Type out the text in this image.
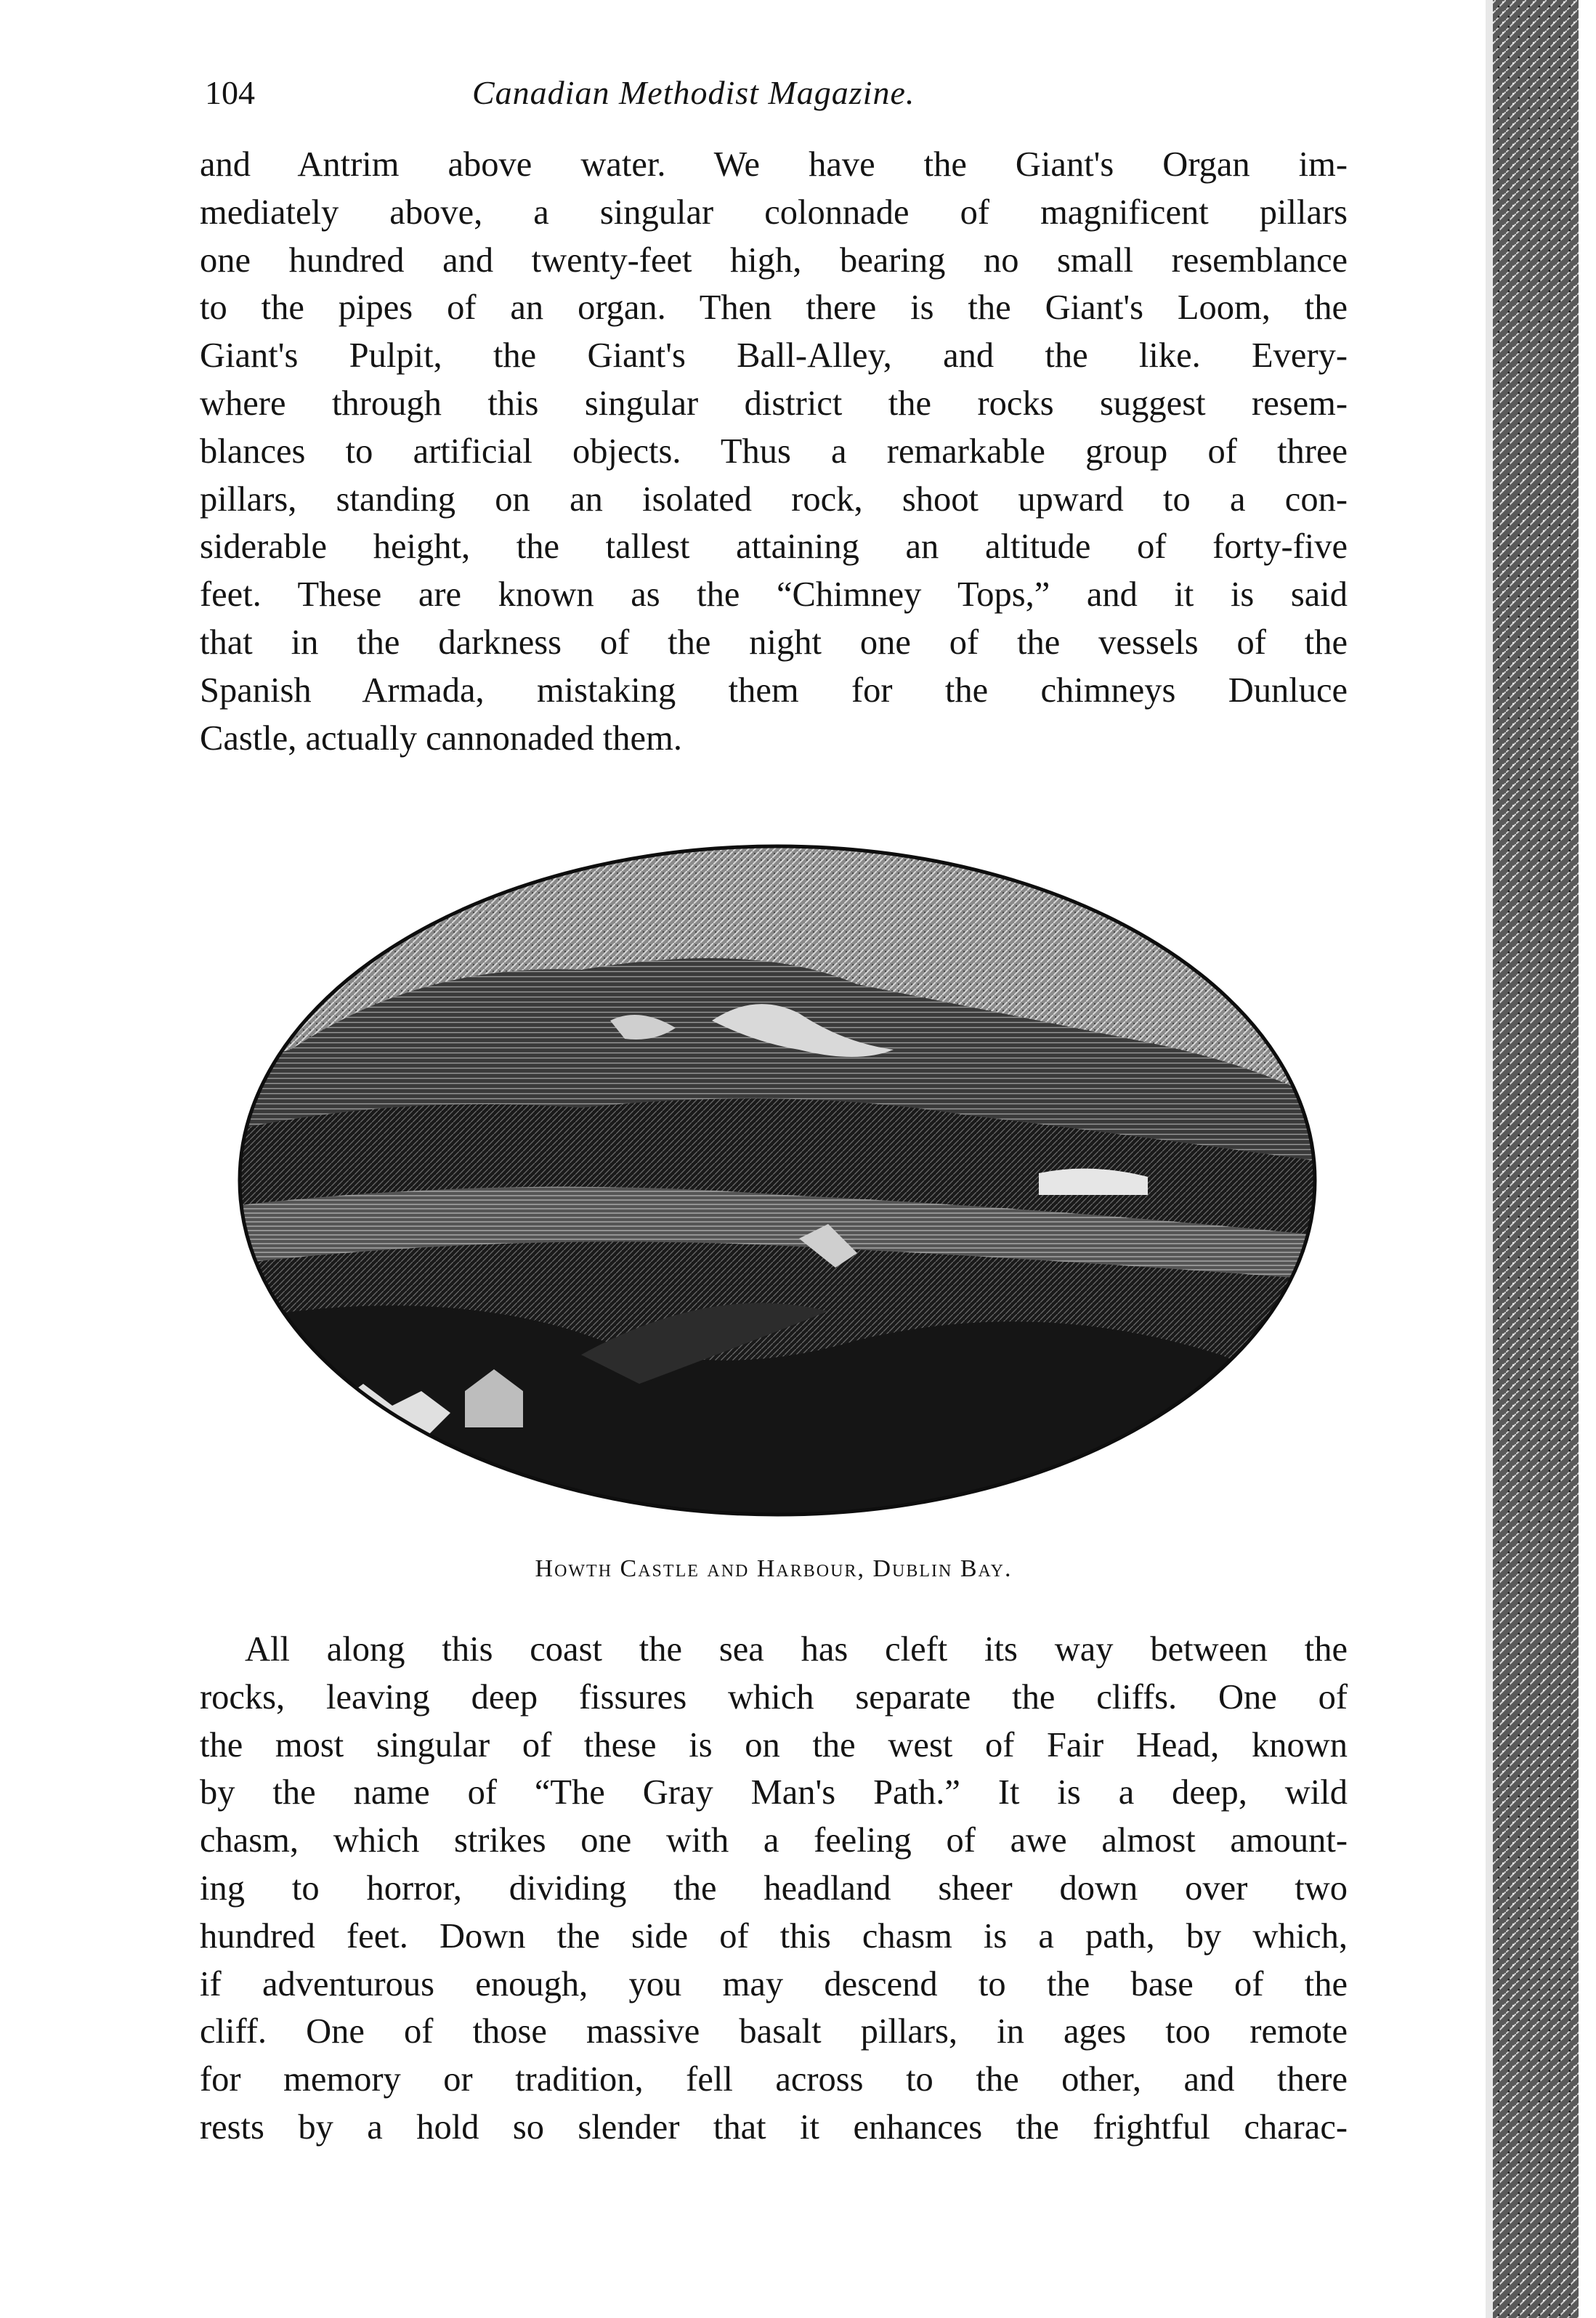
104	Canadian Methodist Magazine.
and Antrim above water. We have the Giant's Organ im-
mediately above, a singular colonnade of magnificent pillars
one hundred and twenty-feet high, bearing no small resemblance
to the pipes of an organ. Then there is the Giant's Loom, the
Giant's Pulpit, the Giant's Ball-Alley, and the like. Every-
where through this singular district the rocks suggest resem-
blances to artificial objects. Thus a remarkable group of three
pillars, standing on an isolated rock, shoot upward to a con-
siderable height, the tallest attaining an altitude of forty-five
feet. These are known as the “Chimney Tops,” and it is said
that in the darkness of the night one of the vessels of the
Spanish Armada, mistaking them for the chimneys Dunluce
Castle, actually cannonaded them.
Howth Castle and Harbour, Dublin Bay.
All along this coast the sea has cleft its way between the
rocks, leaving deep fissures which separate the cliffs. One of
the most singular of these is on the west of Fair Head, known
by the name of “The Gray Man's Path.” It is a deep, wild
chasm, which strikes one with a feeling of awe almost amount-
ing to horror, dividing the headland sheer down over two
hundred feet. Down the side of this chasm is a path, by which,
if adventurous enough, you may descend to the base of the
cliff. One of those massive basalt pillars, in ages too remote
for memory or tradition, fell across to the other, and there
rests by a hold so slender that it enhances the frightful charac-
